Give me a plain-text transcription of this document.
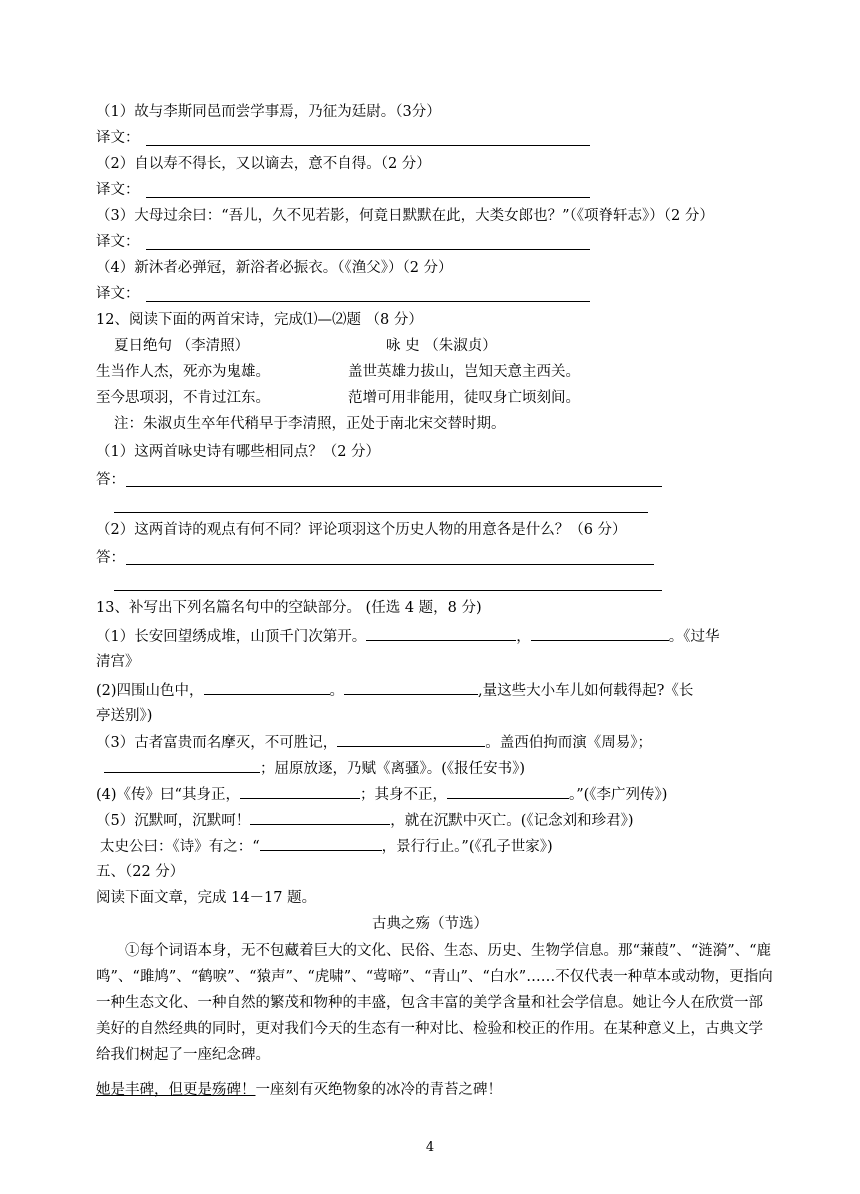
（1）故与李斯同邑而尝学事焉，乃征为廷尉。（3分）
译文：
（2）自以寿不得长，又以谪去，意不自得。（2 分）
译文：
（3）大母过余曰：“吾儿，久不见若影，何竟日默默在此，大类女郎也？”（《项脊轩志》）（2 分）
译文：
（4）新沐者必弹冠，新浴者必振衣。（《渔父》）（2 分）
译文：
12、阅读下面的两首宋诗，完成⑴—⑵题 （8 分）
夏日绝句 （李清照）	咏 史 （朱淑贞）
生当作人杰，死亦为鬼雄。	盖世英雄力拔山，岂知天意主西关。
至今思项羽，不肯过江东。	范增可用非能用，徒叹身亡顷刻间。
注：朱淑贞生卒年代稍早于李清照，正处于南北宋交替时期。
（1）这两首咏史诗有哪些相同点？（2 分）
答：
（2）这两首诗的观点有何不同？评论项羽这个历史人物的用意各是什么？（6 分）
答：
13、补写出下列名篇名句中的空缺部分。 (任选 4 题，8 分)
（1）长安回望绣成堆，山顶千门次第开。	，	。《过华
清宫》
(2)四围山色中，	。	,量这些大小车儿如何载得起?《长
亭送别》)
（3）古者富贵而名摩灭，不可胜记，	。盖西伯拘而演《周易》；
；屈原放逐，乃赋《离骚》。(《报任安书》)
(4)《传》曰“其身正，	；其身不正，	。”(《李广列传》)
（5）沉默呵，沉默呵！	，就在沉默中灭亡。(《记念刘和珍君》)
太史公曰：《诗》有之：“	，景行行止。”(《孔子世家》)
五、（22 分）
阅读下面文章，完成 14－17 题。
古典之殇（节选）
①每个词语本身，无不包藏着巨大的文化、民俗、生态、历史、生物学信息。那“蒹葭”、“涟漪”、“鹿鸣”、“雎鸠”、“鹤唳”、“猿声”、“虎啸”、“莺啼”、“青山”、“白水”……不仅代表一种草本或动物，更指向一种生态文化、一种自然的繁茂和物种的丰盛，包含丰富的美学含量和社会学信息。她让今人在欣赏一部美好的自然经典的同时，更对我们今天的生态有一种对比、检验和校正的作用。在某种意义上，古典文学给我们树起了一座纪念碑。
她是丰碑，但更是殇碑！一座刻有灭绝物象的冰冷的青苔之碑！
4
